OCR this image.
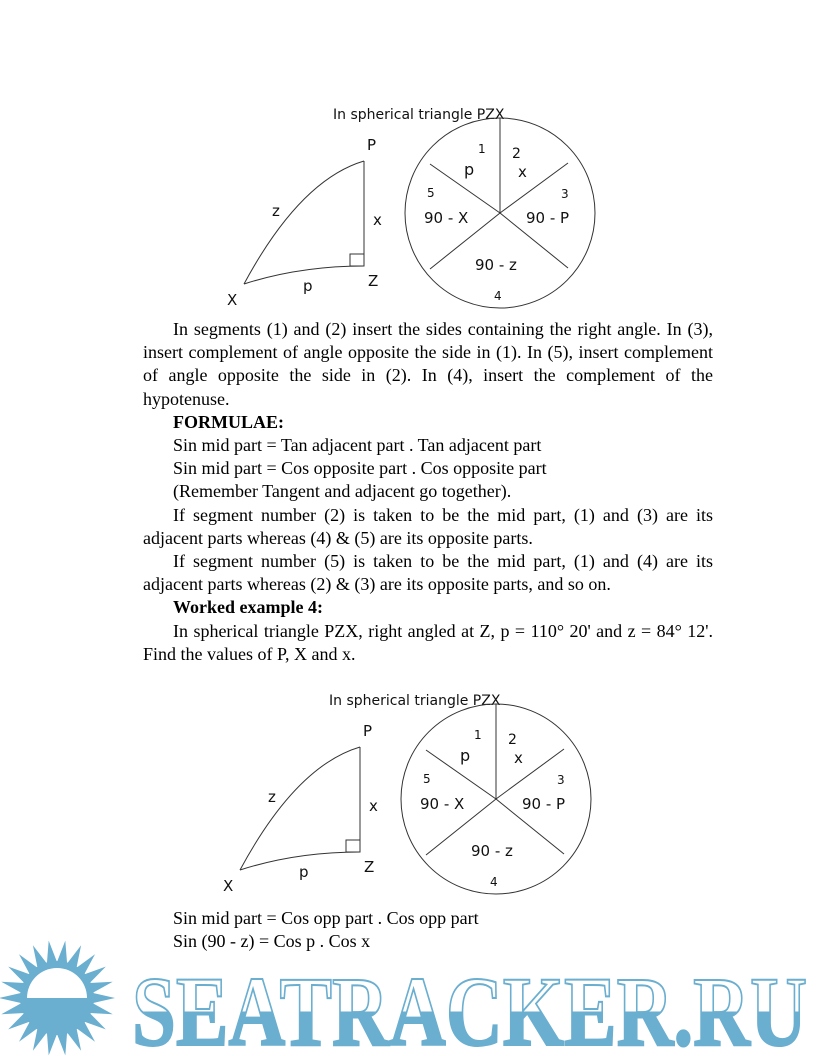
In spherical triangle PZX
P
Z
X
z	x
p
1
p
2
x
3
90 - P
90 - z
4
5
90 - X

In segments (1) and (2) insert the sides containing the right angle. In (3), insert complement of angle opposite the side in (1). In (5), insert complement of angle opposite the side in (2). In (4), insert the complement of the hypotenuse.

FORMULAE:

Sin mid part = Tan adjacent part . Tan adjacent part

Sin mid part = Cos opposite part . Cos opposite part

(Remember Tangent and adjacent go together).

If segment number (2) is taken to be the mid part, (1) and (3) are its adjacent parts whereas (4) & (5) are its opposite parts.

If segment number (5) is taken to be the mid part, (1) and (4) are its adjacent parts whereas (2) & (3) are its opposite parts, and so on.

Worked example 4:

In spherical triangle PZX, right angled at Z, p = 110° 20' and z = 84° 12'. Find the values of P, X and x.

In spherical triangle PZX
P
Z
X
z	x
p
1
p
2
x
3
90 - P
90 - z
4
5
90 - X

Sin mid part = Cos opp part . Cos opp part

Sin (90 - z) = Cos p . Cos x

SEATRACKER.RU
